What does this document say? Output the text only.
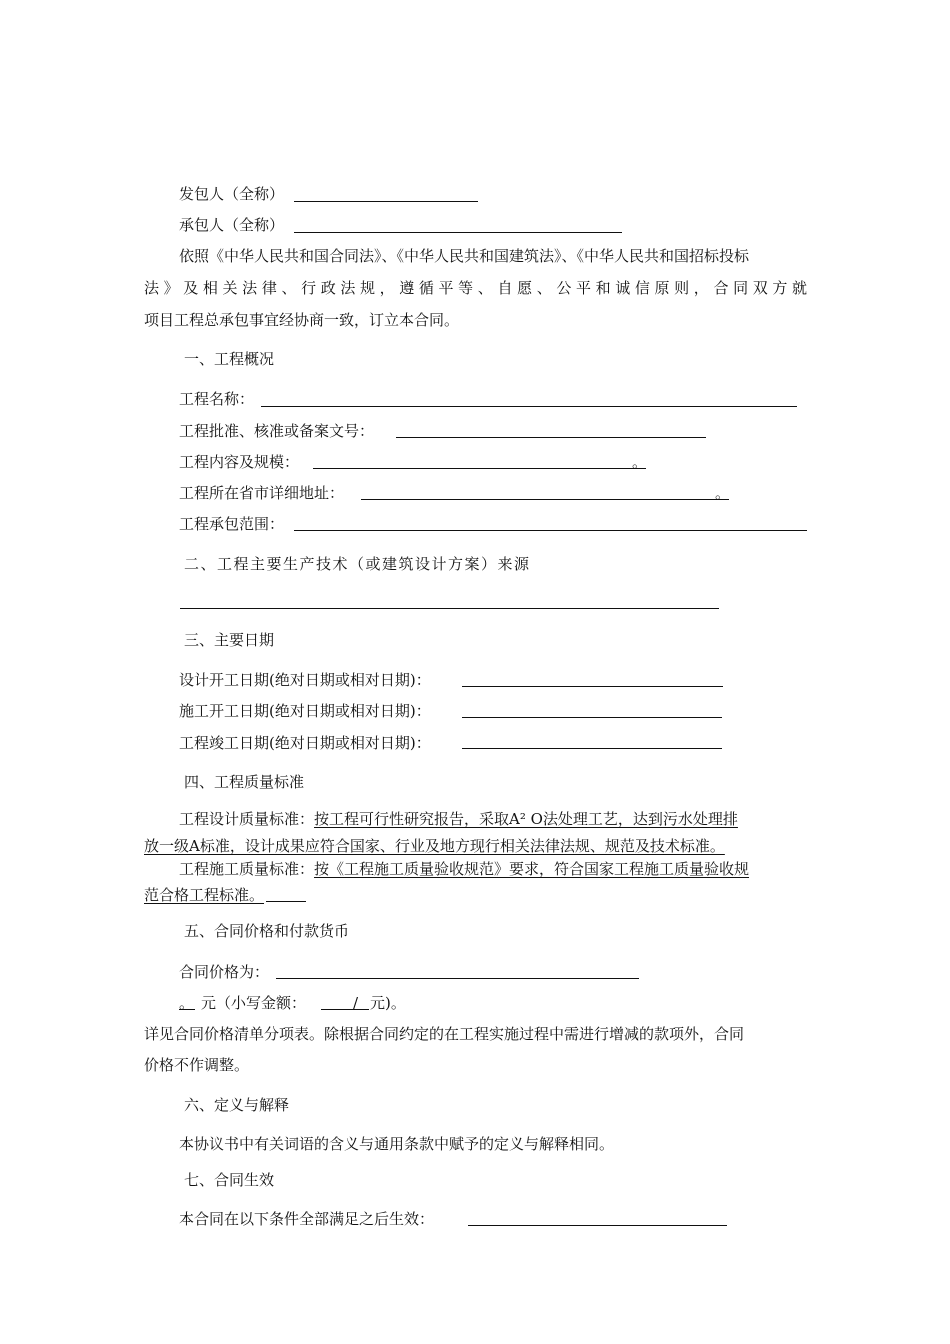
发包人（全称）
承包人（全称）
依照《中华人民共和国合同法》、《中华人民共和国建筑法》、《中华人民共和国招标投标
法》及相关法律、行政法规，遵循平等、自愿、公平和诚信原则，合同双方就
项目工程总承包事宜经协商一致，订立本合同。
一、工程概况
工程名称：
工程批准、核准或备案文号：
工程内容及规模：	。
工程所在省市详细地址：	。
工程承包范围：
二、工程主要生产技术（或建筑设计方案）来源
三、主要日期
设计开工日期(绝对日期或相对日期)：
施工开工日期(绝对日期或相对日期)：
工程竣工日期(绝对日期或相对日期)：
四、工程质量标准
工程设计质量标准：按工程可行性研究报告，采取A² O法处理工艺，达到污水处理排
放一级A标准，设计成果应符合国家、行业及地方现行相关法律法规、规范及技术标准。
工程施工质量标准：按《工程施工质量验收规范》要求，符合国家工程施工质量验收规
范合格工程标准。
五、合同价格和付款货币
合同价格为：
。 元（小写金额：	/ 元)。
详见合同价格清单分项表。除根据合同约定的在工程实施过程中需进行增减的款项外，合同
价格不作调整。
六、定义与解释
本协议书中有关词语的含义与通用条款中赋予的定义与解释相同。
七、合同生效
本合同在以下条件全部满足之后生效：
